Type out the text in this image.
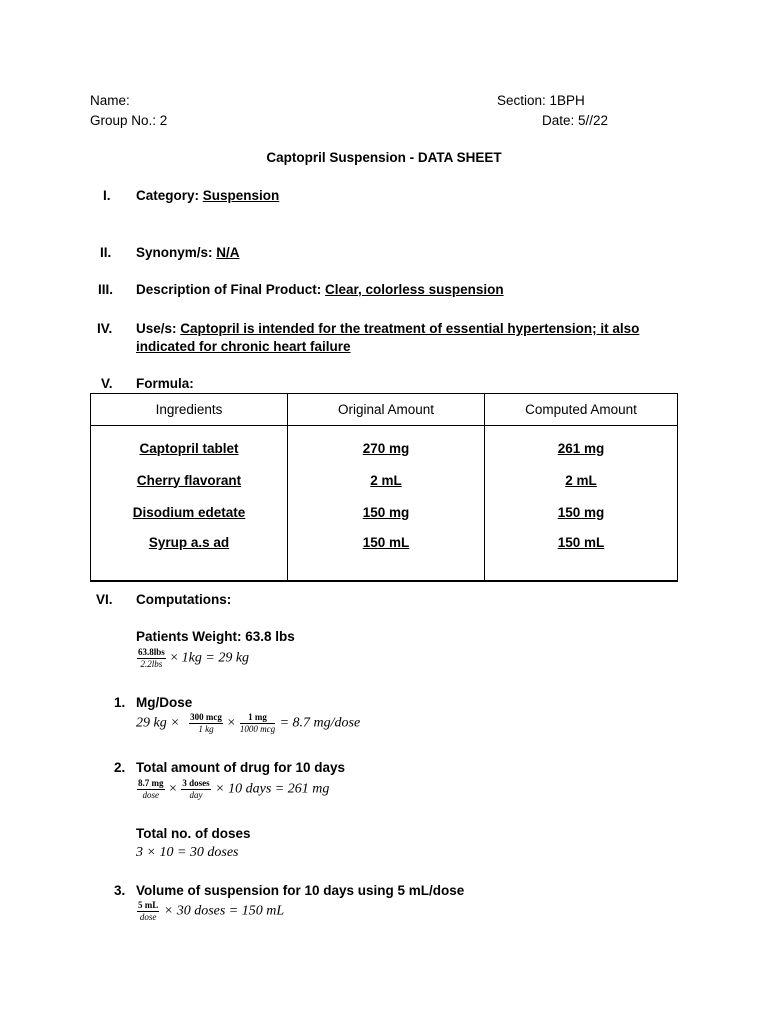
Name:	Section: 1BPH
Group No.: 2	Date: 5//22
Captopril Suspension - DATA SHEET
I. Category: Suspension
II. Synonym/s: N/A
III. Description of Final Product: Clear, colorless suspension
IV. Use/s: Captopril is intended for the treatment of essential hypertension; it also
indicated for chronic heart failure
V. Formula:
Ingredients	Original Amount	Computed Amount
Captopril tablet	270 mg	261 mg
Cherry flavorant	2 mL	2 mL
Disodium edetate	150 mg	150 mg
Syrup a.s ad	150 mL	150 mL
VI. Computations:
Patients Weight: 63.8 lbs
$\frac{\text{63.8lbs}}{\text{2.2lbs}} \times 1kg = 29$ kg
1. Mg/Dose
29 kg × $\frac{\text{300 mcg}}{1 kg} \times \frac{1 mg}{\text{1000 mcg}} = 8.7$ mg/dose
2. Total amount of drug for 10 days
$\frac{8.7 mg}{\text{dose}} \times \frac{\text{3 doses}}{\text{day}} \times 10$ days = 261 mg
Total no. of doses
3 × 10 = 30 doses
3. Volume of suspension for 10 days using 5 mL/dose
$\frac{5 mL}{\text{dose}} \times 30$ doses = 150 mL
